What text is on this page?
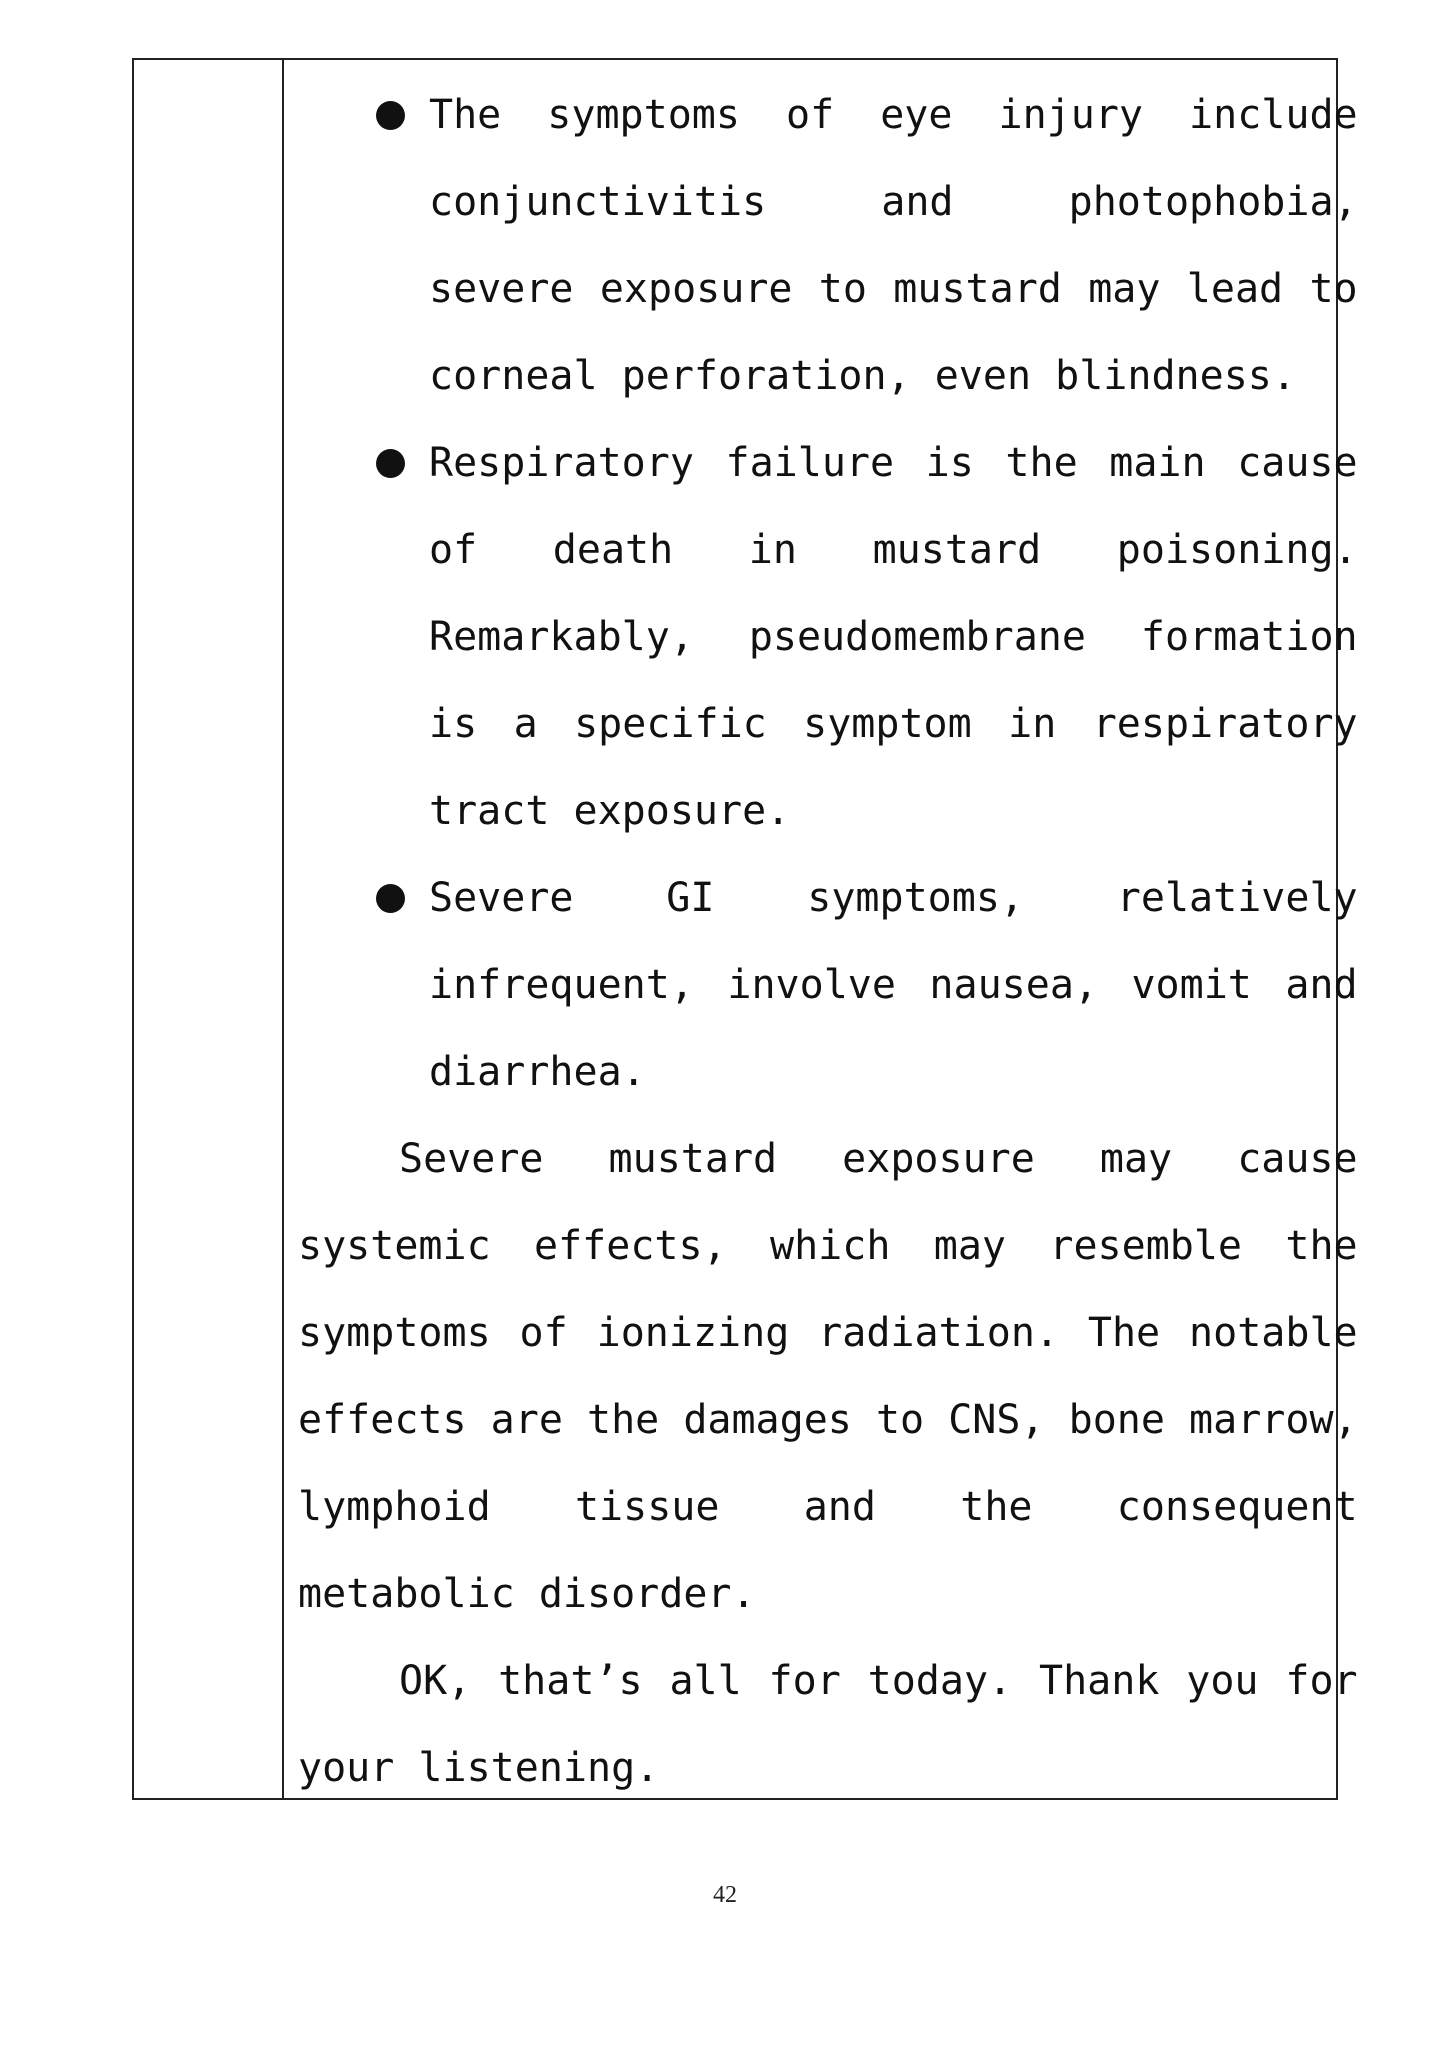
The symptoms of eye injury include
conjunctivitis and photophobia,
severe exposure to mustard may lead to
corneal perforation, even blindness.
Respiratory failure is the main cause
of death in mustard poisoning.
Remarkably, pseudomembrane formation
is a specific symptom in respiratory
tract exposure.
Severe GI symptoms, relatively
infrequent, involve nausea, vomit and
diarrhea.
Severe mustard exposure may cause
systemic effects, which may resemble the
symptoms of ionizing radiation. The notable
effects are the damages to CNS, bone marrow,
lymphoid tissue and the consequent
metabolic disorder.
OK, that’s all for today. Thank you for
your listening.
42
